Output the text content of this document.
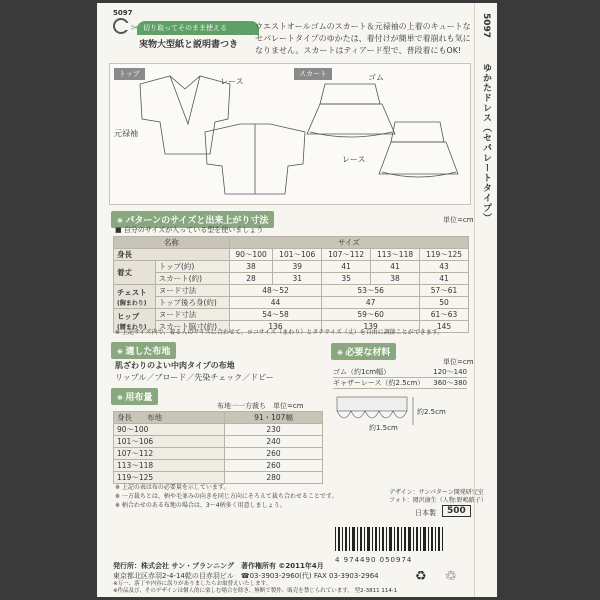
5097
✂ 切り取ってそのまま使える
実物大型紙と説明書つき
ウエストオールゴムのスカート＆元禄袖の上着のキュートなセパレートタイプのゆかたは、着付けが簡単で着崩れも気になりません。スカートはティアード型で、普段着にもOK!
トップ	スカート
レース
元禄袖
ゴム
レース
❋ パターンのサイズと出来上がり寸法	単位=cm
■ 自分のサイズが入っている型を使いましょう
名称		サイズ				
身長		90〜100	101〜106	107〜112	113〜118	119〜125
着丈	トップ(約)	38	39	41	41	43
	スカート(約)	28	31	35	38	41
チェスト
(胸まわり)	ヌード寸法	48〜52		53〜56		57〜61
	トップ後ろ身(約)	44		47		50
ヒップ
(腰まわり)	ヌード寸法	54〜58		59〜60		61〜63
	スカート脇寸(約)	136		139		145
※ 上記サイズ内で、着る人のサイズに合わせて、ヨコサイズ（まわり）とタテサイズ（丈）を自由に調節ことができます。
❋ 適した布地
肌ざわりのよい中肉タイプの布地
リップル／ブロード／先染チェック／ドビー
❋ 用布量
布地一一方裁ち　単位=cm
身長　　 布地	91・107幅
90〜100	230
101〜106	240
107〜112	260
113〜118	260
119〜125	280
※ 上記の表は布の必要量を示しています。
※ 一方裁ちとは、柄や毛並みの向きを同じ方向にそろえて裁ち合わせることです。
※ 柄合わせのある布地の場合は、3〜4柄多く用意しましょう。
❋ 必要な材料
単位=cm
ゴム（約1cm幅）	120〜140
ギャザーレース（約2.5cm） 360〜380
約2.5cm
約1.5cm
デザイン：サンパターン開発研究室
フォト：岡沢康生（人物:野嶋路子）
日本製	500
4 974490 050974
発行所：株式会社 サン・プランニング　著作権所有 ©2011年4月
東京都北区赤羽2-4-14乾の目赤羽ビル　☎03-3903-2960(代) FAX 03-3903-2964
※万一、落丁や内容に誤りがありましたらお取替えいたします。
※作品及び、そのデザインは個人的に楽しむ場合を除き、無断で製作、販売を禁じられています。 型2-3811 114-1
♻ ♲
5097
ゆかたドレス（セパレートタイプ）
